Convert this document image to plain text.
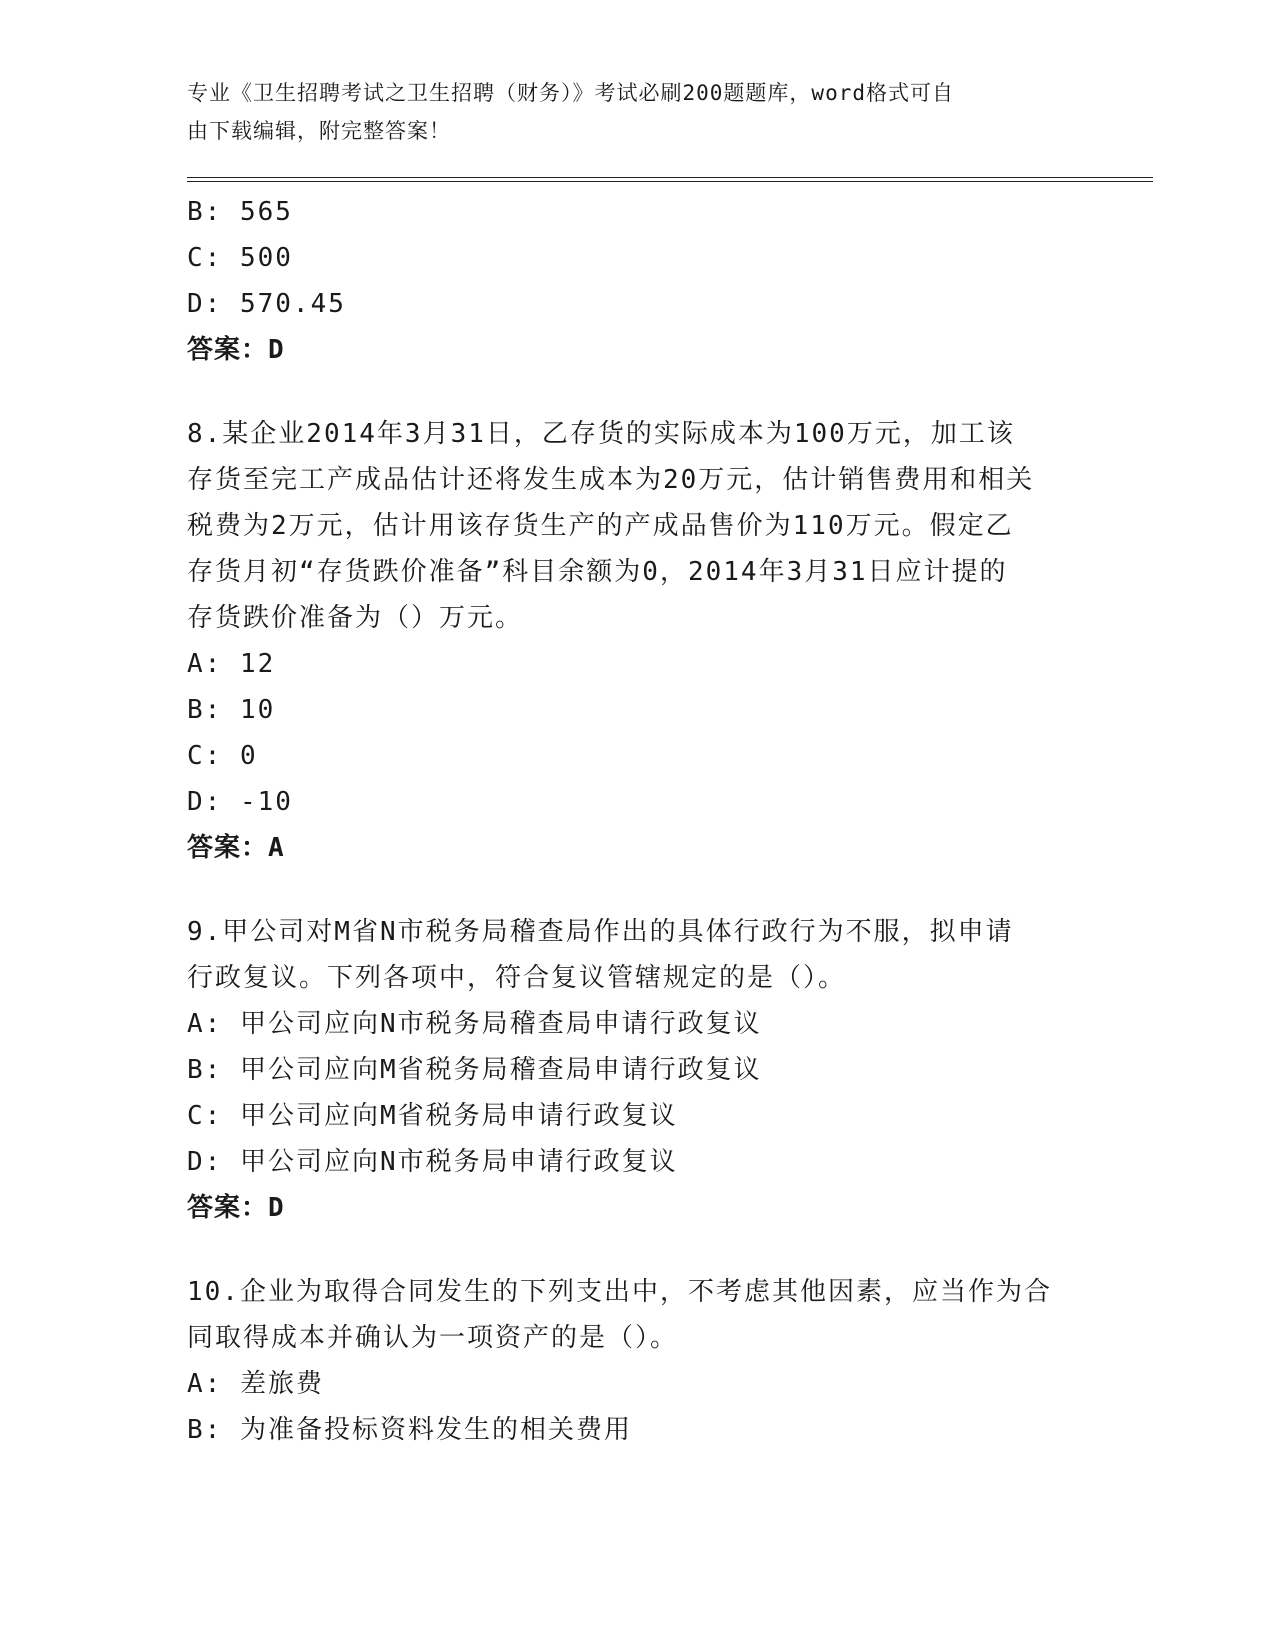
专业《卫生招聘考试之卫生招聘（财务）》考试必刷200题题库，word格式可自
由下载编辑，附完整答案！
B: 565
C: 500
D: 570.45
答案：D
8.某企业2014年3月31日，乙存货的实际成本为100万元，加工该
存货至完工产成品估计还将发生成本为20万元，估计销售费用和相关
税费为2万元，估计用该存货生产的产成品售价为110万元。假定乙
存货月初“存货跌价准备”科目余额为0，2014年3月31日应计提的
存货跌价准备为（）万元。
A: 12
B: 10
C: 0
D: -10
答案：A
9.甲公司对M省N市税务局稽查局作出的具体行政行为不服，拟申请
行政复议。下列各项中，符合复议管辖规定的是（）。
A: 甲公司应向N市税务局稽查局申请行政复议
B: 甲公司应向M省税务局稽查局申请行政复议
C: 甲公司应向M省税务局申请行政复议
D: 甲公司应向N市税务局申请行政复议
答案：D
10.企业为取得合同发生的下列支出中，不考虑其他因素，应当作为合
同取得成本并确认为一项资产的是（）。
A: 差旅费
B: 为准备投标资料发生的相关费用
